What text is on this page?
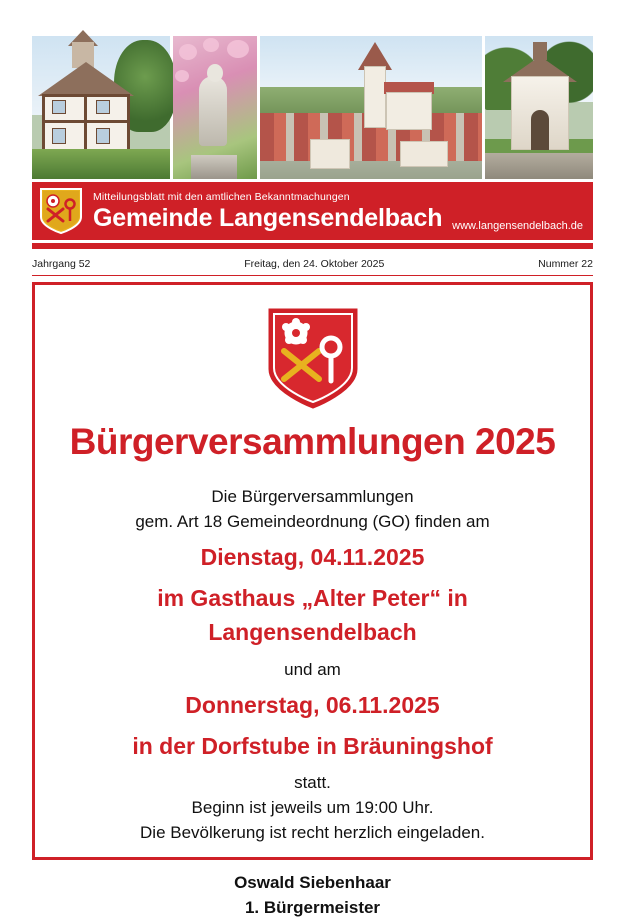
Mitteilungsblatt mit den amtlichen Bekanntmachungen
Gemeinde Langensendelbach www.langensendelbach.de
Jahrgang 52	Freitag, den 24. Oktober 2025	Nummer 22
Bürgerversammlungen 2025
Die Bürgerversammlungen
gem. Art 18 Gemeindeordnung (GO) finden am
Dienstag, 04.11.2025
im Gasthaus „Alter Peter“ in Langensendelbach
und am
Donnerstag, 06.11.2025
in der Dorfstube in Bräuningshof
statt.
Beginn ist jeweils um 19:00 Uhr.
Die Bevölkerung ist recht herzlich eingeladen.
Oswald Siebenhaar
1. Bürgermeister
